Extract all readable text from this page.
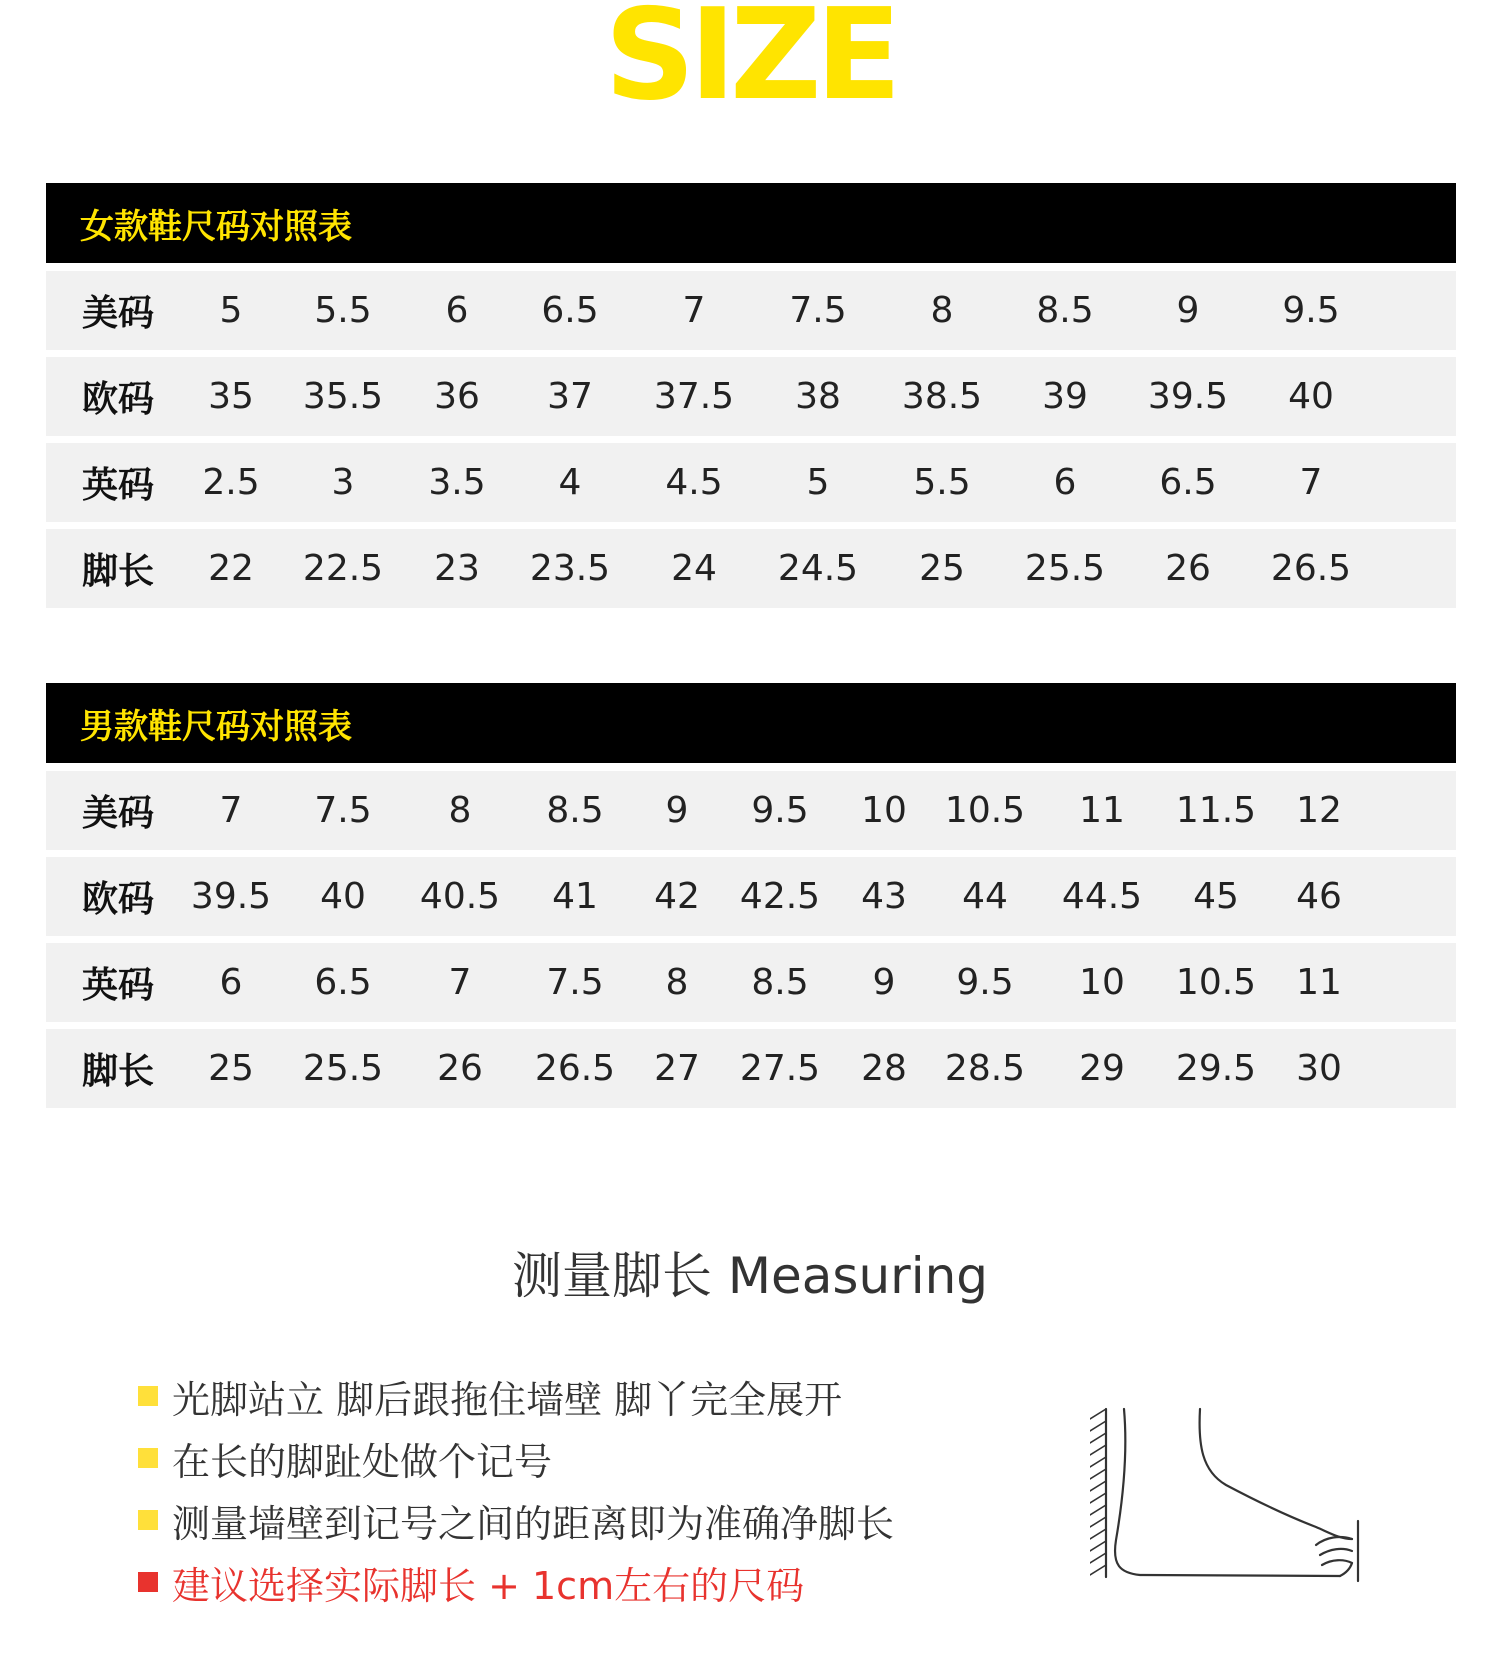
SIZE
女款鞋尺码对照表
美码	5 5.5 6 6.5 7 7.5 8 8.5 9 9.5
欧码	35 35.5 36 37 37.5 38 38.5 39 39.5 40
英码	2.5 3 3.5 4 4.5 5 5.5 6 6.5 7
脚长	22 22.5 23 23.5 24 24.5 25 25.5 26 26.5
男款鞋尺码对照表
美码	7 7.5 8 8.5 9 9.5 10 10.5 11 11.5 12
欧码	39.5 40 40.5 41 42 42.5 43 44 44.5 45 46
英码	6 6.5 7 7.5 8 8.5 9 9.5 10 10.5 11
脚长	25 25.5 26 26.5 27 27.5 28 28.5 29 29.5 30
测量脚长 Measuring
光脚站立 脚后跟拖住墙壁 脚丫完全展开
在长的脚趾处做个记号
测量墙壁到记号之间的距离即为准确净脚长
建议选择实际脚长 + 1cm左右的尺码
